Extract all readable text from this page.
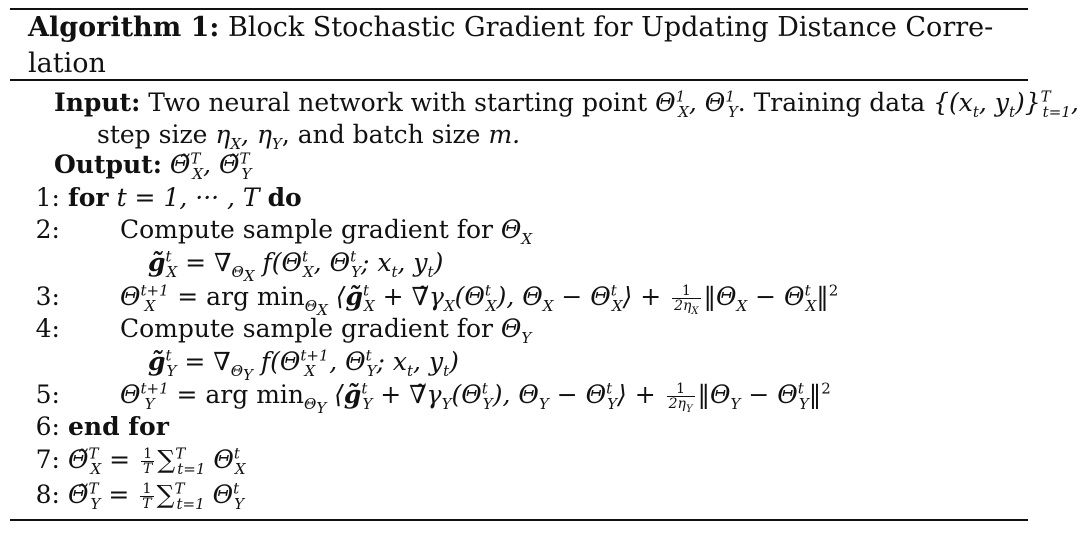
Algorithm 1: Block Stochastic Gradient for Updating Distance Corre-
lation
Input: Two neural network with starting point $\Theta^1_X$, $\Theta^1_Y$. Training data {($x_t$, $y_t)\}^T_{t=1}$,
step size $\eta_X$, $\eta_Y$, and batch size m.
Output: Θ̃$^T_X$, Θ̃$^T_Y$
1: for t = 1, ··· , T do
2: Compute sample gradient for $\Theta_X$
g̃$^t_X$ = $\nabla_{\Theta_X}$ $f(\Theta^t_X$, $\Theta^t_Y$; $x_t$, $y_t$)
3: $\Theta^{t+1}_X$ = arg $\min_{\Theta_X}$ ⟨g̃$^t_X$ + $\nablã\gamma_X(\Theta^t_X)$, $\Theta_X$ − $\Theta^t_X⟩ + \frac{1}{2\eta_X}$ $‖\Theta_X$ − $\Theta^t_X‖^2$
4: Compute sample gradient for $\Theta_Y$
g̃$^t_Y$ = $\nabla_{\Theta_Y}$ $f(\Theta^{t+1}_X$ , $\Theta^t_Y$; $x_t$, $y_t$)
5: $\Theta^{t+1}_Y$ = arg $\min_{\Theta_Y}$ ⟨g̃$^t_Y$ + $\nablã\gamma_Y(\Theta^t_Y)$, $\Theta_Y$ − $\Theta^t_Y⟩ + \frac{1}{2\eta_Y}$ $‖\Theta_Y$ − $\Theta^t_Y‖^2$
6: end for
7: Θ̃$^T_X$ = $\frac{1}{T} \sum^T_{t=1}$ $\Theta^t_X$
8: Θ̃$^T_Y$ = $\frac{1}{T} \sum^T_{t=1}$ $\Theta^t_Y$
